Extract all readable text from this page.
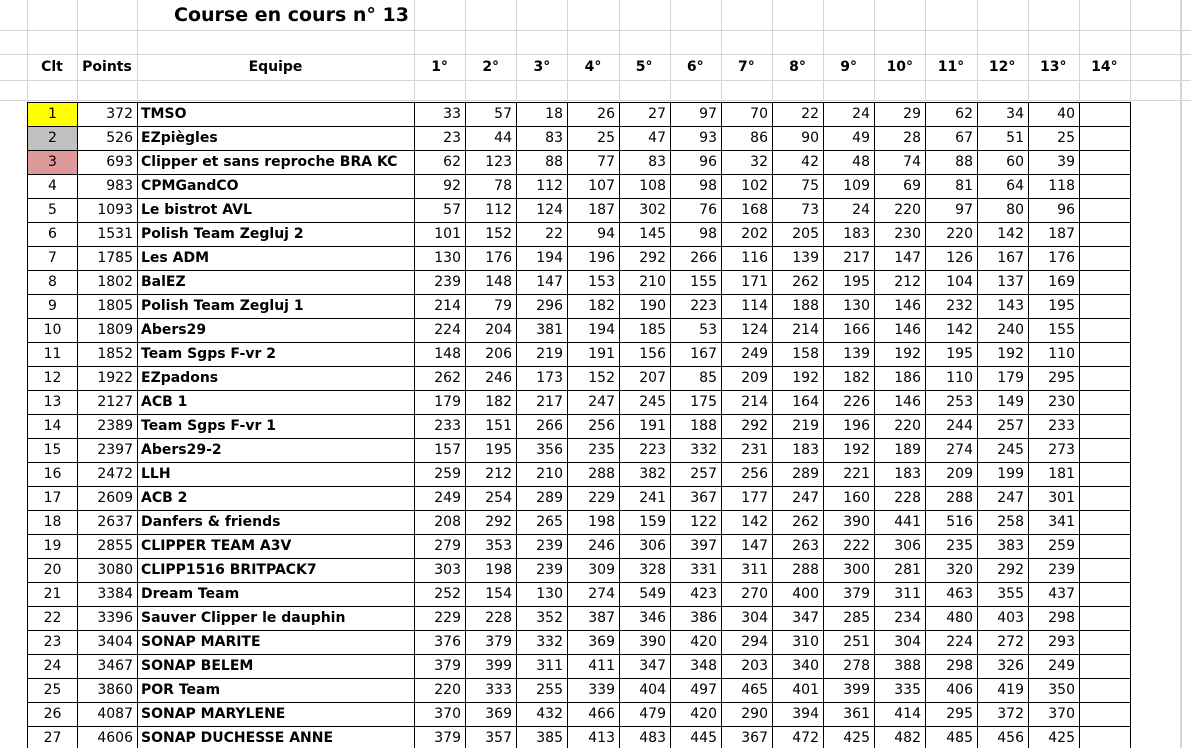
Course en cours n° 13
Clt	Points	Equipe	1°	2°	3°	4°	5°	6°	7°	8°	9°	10°	11°	12°	13°	14°
1	372 TMSO	33	57	18	26	27	97	70	22	24	29	62	34	40
2	526 EZpiègles	23	44	83	25	47	93	86	90	49	28	67	51	25
3	693 Clipper et sans reproche BRA KC	62	123	88	77	83	96	32	42	48	74	88	60	39
4	983 CPMGandCO	92	78	112	107	108	98	102	75	109	69	81	64	118
5	1093 Le bistrot AVL	57	112	124	187	302	76	168	73	24	220	97	80	96
6	1531 Polish Team Zegluj 2	101	152	22	94	145	98	202	205	183	230	220	142	187
7	1785 Les ADM	130	176	194	196	292	266	116	139	217	147	126	167	176
8	1802 BalEZ	239	148	147	153	210	155	171	262	195	212	104	137	169
9	1805 Polish Team Zegluj 1	214	79	296	182	190	223	114	188	130	146	232	143	195
10	1809 Abers29	224	204	381	194	185	53	124	214	166	146	142	240	155
11	1852 Team Sgps F-vr 2	148	206	219	191	156	167	249	158	139	192	195	192	110
12	1922 EZpadons	262	246	173	152	207	85	209	192	182	186	110	179	295
13	2127 ACB 1	179	182	217	247	245	175	214	164	226	146	253	149	230
14	2389 Team Sgps F-vr 1	233	151	266	256	191	188	292	219	196	220	244	257	233
15	2397 Abers29-2	157	195	356	235	223	332	231	183	192	189	274	245	273
16	2472 LLH	259	212	210	288	382	257	256	289	221	183	209	199	181
17	2609 ACB 2	249	254	289	229	241	367	177	247	160	228	288	247	301
18	2637 Danfers & friends	208	292	265	198	159	122	142	262	390	441	516	258	341
19	2855 CLIPPER TEAM A3V	279	353	239	246	306	397	147	263	222	306	235	383	259
20	3080 CLIPP1516 BRITPACK7	303	198	239	309	328	331	311	288	300	281	320	292	239
21	3384 Dream Team	252	154	130	274	549	423	270	400	379	311	463	355	437
22	3396 Sauver Clipper le dauphin	229	228	352	387	346	386	304	347	285	234	480	403	298
23	3404 SONAP MARITE	376	379	332	369	390	420	294	310	251	304	224	272	293
24	3467 SONAP BELEM	379	399	311	411	347	348	203	340	278	388	298	326	249
25	3860 POR Team	220	333	255	339	404	497	465	401	399	335	406	419	350
26	4087 SONAP MARYLENE	370	369	432	466	479	420	290	394	361	414	295	372	370
27	4606 SONAP DUCHESSE ANNE	379	357	385	413	483	445	367	472	425	482	485	456	425
